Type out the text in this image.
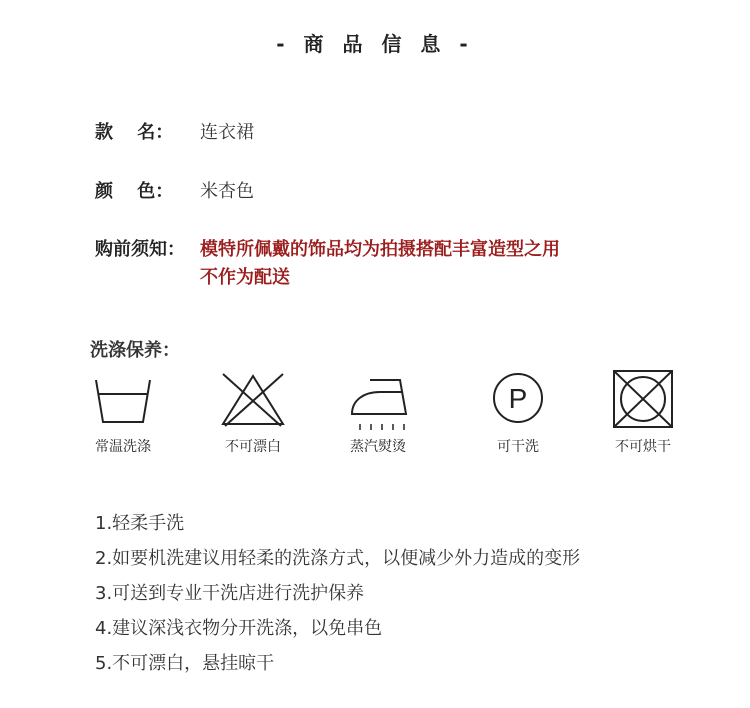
- 商 品 信 息 -
款　 名： 连衣裙
颜　 色： 米杏色
购前须知： 模特所佩戴的饰品均为拍摄搭配丰富造型之用
不作为配送
洗涤保养：
常温洗涤	不可漂白	蒸汽熨烫
P
可干洗	不可烘干
1.轻柔手洗
2.如要机洗建议用轻柔的洗涤方式，以便减少外力造成的变形
3.可送到专业干洗店进行洗护保养
4.建议深浅衣物分开洗涤，以免串色
5.不可漂白，悬挂晾干
